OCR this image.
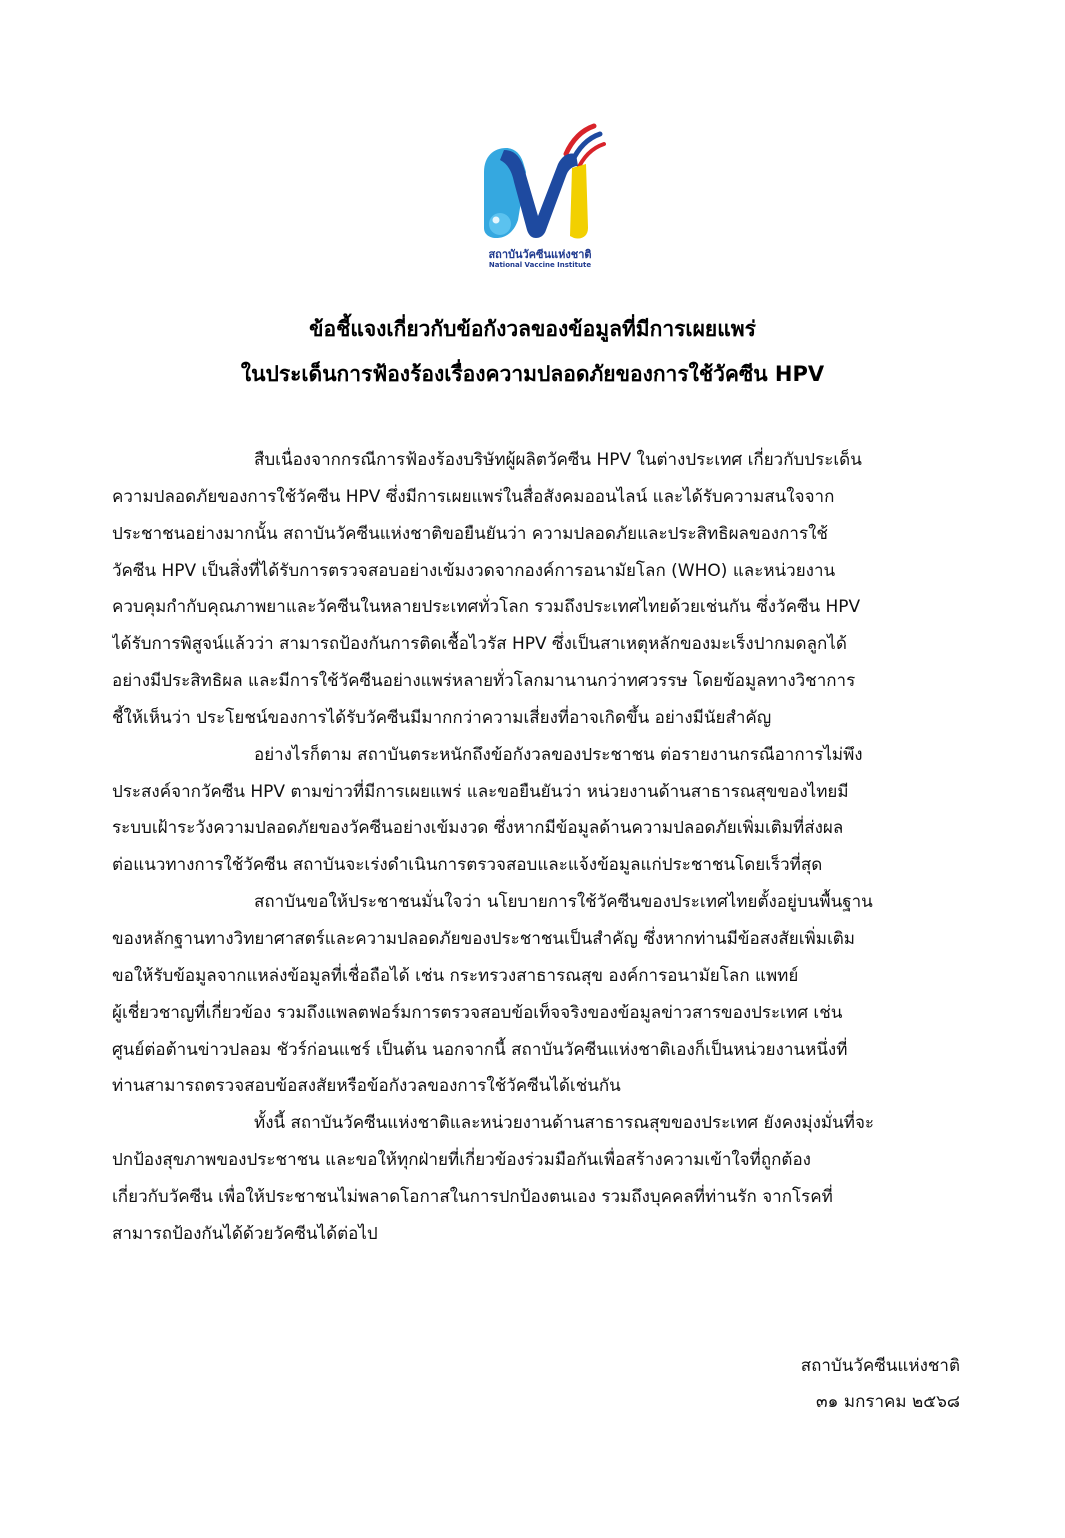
สถาบันวัคซีนแห่งชาติ
National Vaccine Institute
ข้อชี้แจงเกี่ยวกับข้อกังวลของข้อมูลที่มีการเผยแพร่
ในประเด็นการฟ้องร้องเรื่องความปลอดภัยของการใช้วัคซีน HPV
สืบเนื่องจากกรณีการฟ้องร้องบริษัทผู้ผลิตวัคซีน HPV ในต่างประเทศ เกี่ยวกับประเด็น
ความปลอดภัยของการใช้วัคซีน HPV ซึ่งมีการเผยแพร่ในสื่อสังคมออนไลน์ และได้รับความสนใจจาก
ประชาชนอย่างมากนั้น สถาบันวัคซีนแห่งชาติขอยืนยันว่า ความปลอดภัยและประสิทธิผลของการใช้
วัคซีน HPV เป็นสิ่งที่ได้รับการตรวจสอบอย่างเข้มงวดจากองค์การอนามัยโลก (WHO) และหน่วยงาน
ควบคุมกำกับคุณภาพยาและวัคซีนในหลายประเทศทั่วโลก รวมถึงประเทศไทยด้วยเช่นกัน ซึ่งวัคซีน HPV
ได้รับการพิสูจน์แล้วว่า สามารถป้องกันการติดเชื้อไวรัส HPV ซึ่งเป็นสาเหตุหลักของมะเร็งปากมดลูกได้
อย่างมีประสิทธิผล และมีการใช้วัคซีนอย่างแพร่หลายทั่วโลกมานานกว่าทศวรรษ โดยข้อมูลทางวิชาการ
ชี้ให้เห็นว่า ประโยชน์ของการได้รับวัคซีนมีมากกว่าความเสี่ยงที่อาจเกิดขึ้น อย่างมีนัยสำคัญ
อย่างไรก็ตาม สถาบันตระหนักถึงข้อกังวลของประชาชน ต่อรายงานกรณีอาการไม่พึง
ประสงค์จากวัคซีน HPV ตามข่าวที่มีการเผยแพร่ และขอยืนยันว่า หน่วยงานด้านสาธารณสุขของไทยมี
ระบบเฝ้าระวังความปลอดภัยของวัคซีนอย่างเข้มงวด ซึ่งหากมีข้อมูลด้านความปลอดภัยเพิ่มเติมที่ส่งผล
ต่อแนวทางการใช้วัคซีน สถาบันจะเร่งดำเนินการตรวจสอบและแจ้งข้อมูลแก่ประชาชนโดยเร็วที่สุด
สถาบันขอให้ประชาชนมั่นใจว่า นโยบายการใช้วัคซีนของประเทศไทยตั้งอยู่บนพื้นฐาน
ของหลักฐานทางวิทยาศาสตร์และความปลอดภัยของประชาชนเป็นสำคัญ ซึ่งหากท่านมีข้อสงสัยเพิ่มเติม
ขอให้รับข้อมูลจากแหล่งข้อมูลที่เชื่อถือได้ เช่น กระทรวงสาธารณสุข องค์การอนามัยโลก แพทย์
ผู้เชี่ยวชาญที่เกี่ยวข้อง รวมถึงแพลตฟอร์มการตรวจสอบข้อเท็จจริงของข้อมูลข่าวสารของประเทศ เช่น
ศูนย์ต่อต้านข่าวปลอม ชัวร์ก่อนแชร์ เป็นต้น นอกจากนี้ สถาบันวัคซีนแห่งชาติเองก็เป็นหน่วยงานหนึ่งที่
ท่านสามารถตรวจสอบข้อสงสัยหรือข้อกังวลของการใช้วัคซีนได้เช่นกัน
ทั้งนี้ สถาบันวัคซีนแห่งชาติและหน่วยงานด้านสาธารณสุขของประเทศ ยังคงมุ่งมั่นที่จะ
ปกป้องสุขภาพของประชาชน และขอให้ทุกฝ่ายที่เกี่ยวข้องร่วมมือกันเพื่อสร้างความเข้าใจที่ถูกต้อง
เกี่ยวกับวัคซีน เพื่อให้ประชาชนไม่พลาดโอกาสในการปกป้องตนเอง รวมถึงบุคคลที่ท่านรัก จากโรคที่
สามารถป้องกันได้ด้วยวัคซีนได้ต่อไป
สถาบันวัคซีนแห่งชาติ
๓๑ มกราคม ๒๕๖๘
